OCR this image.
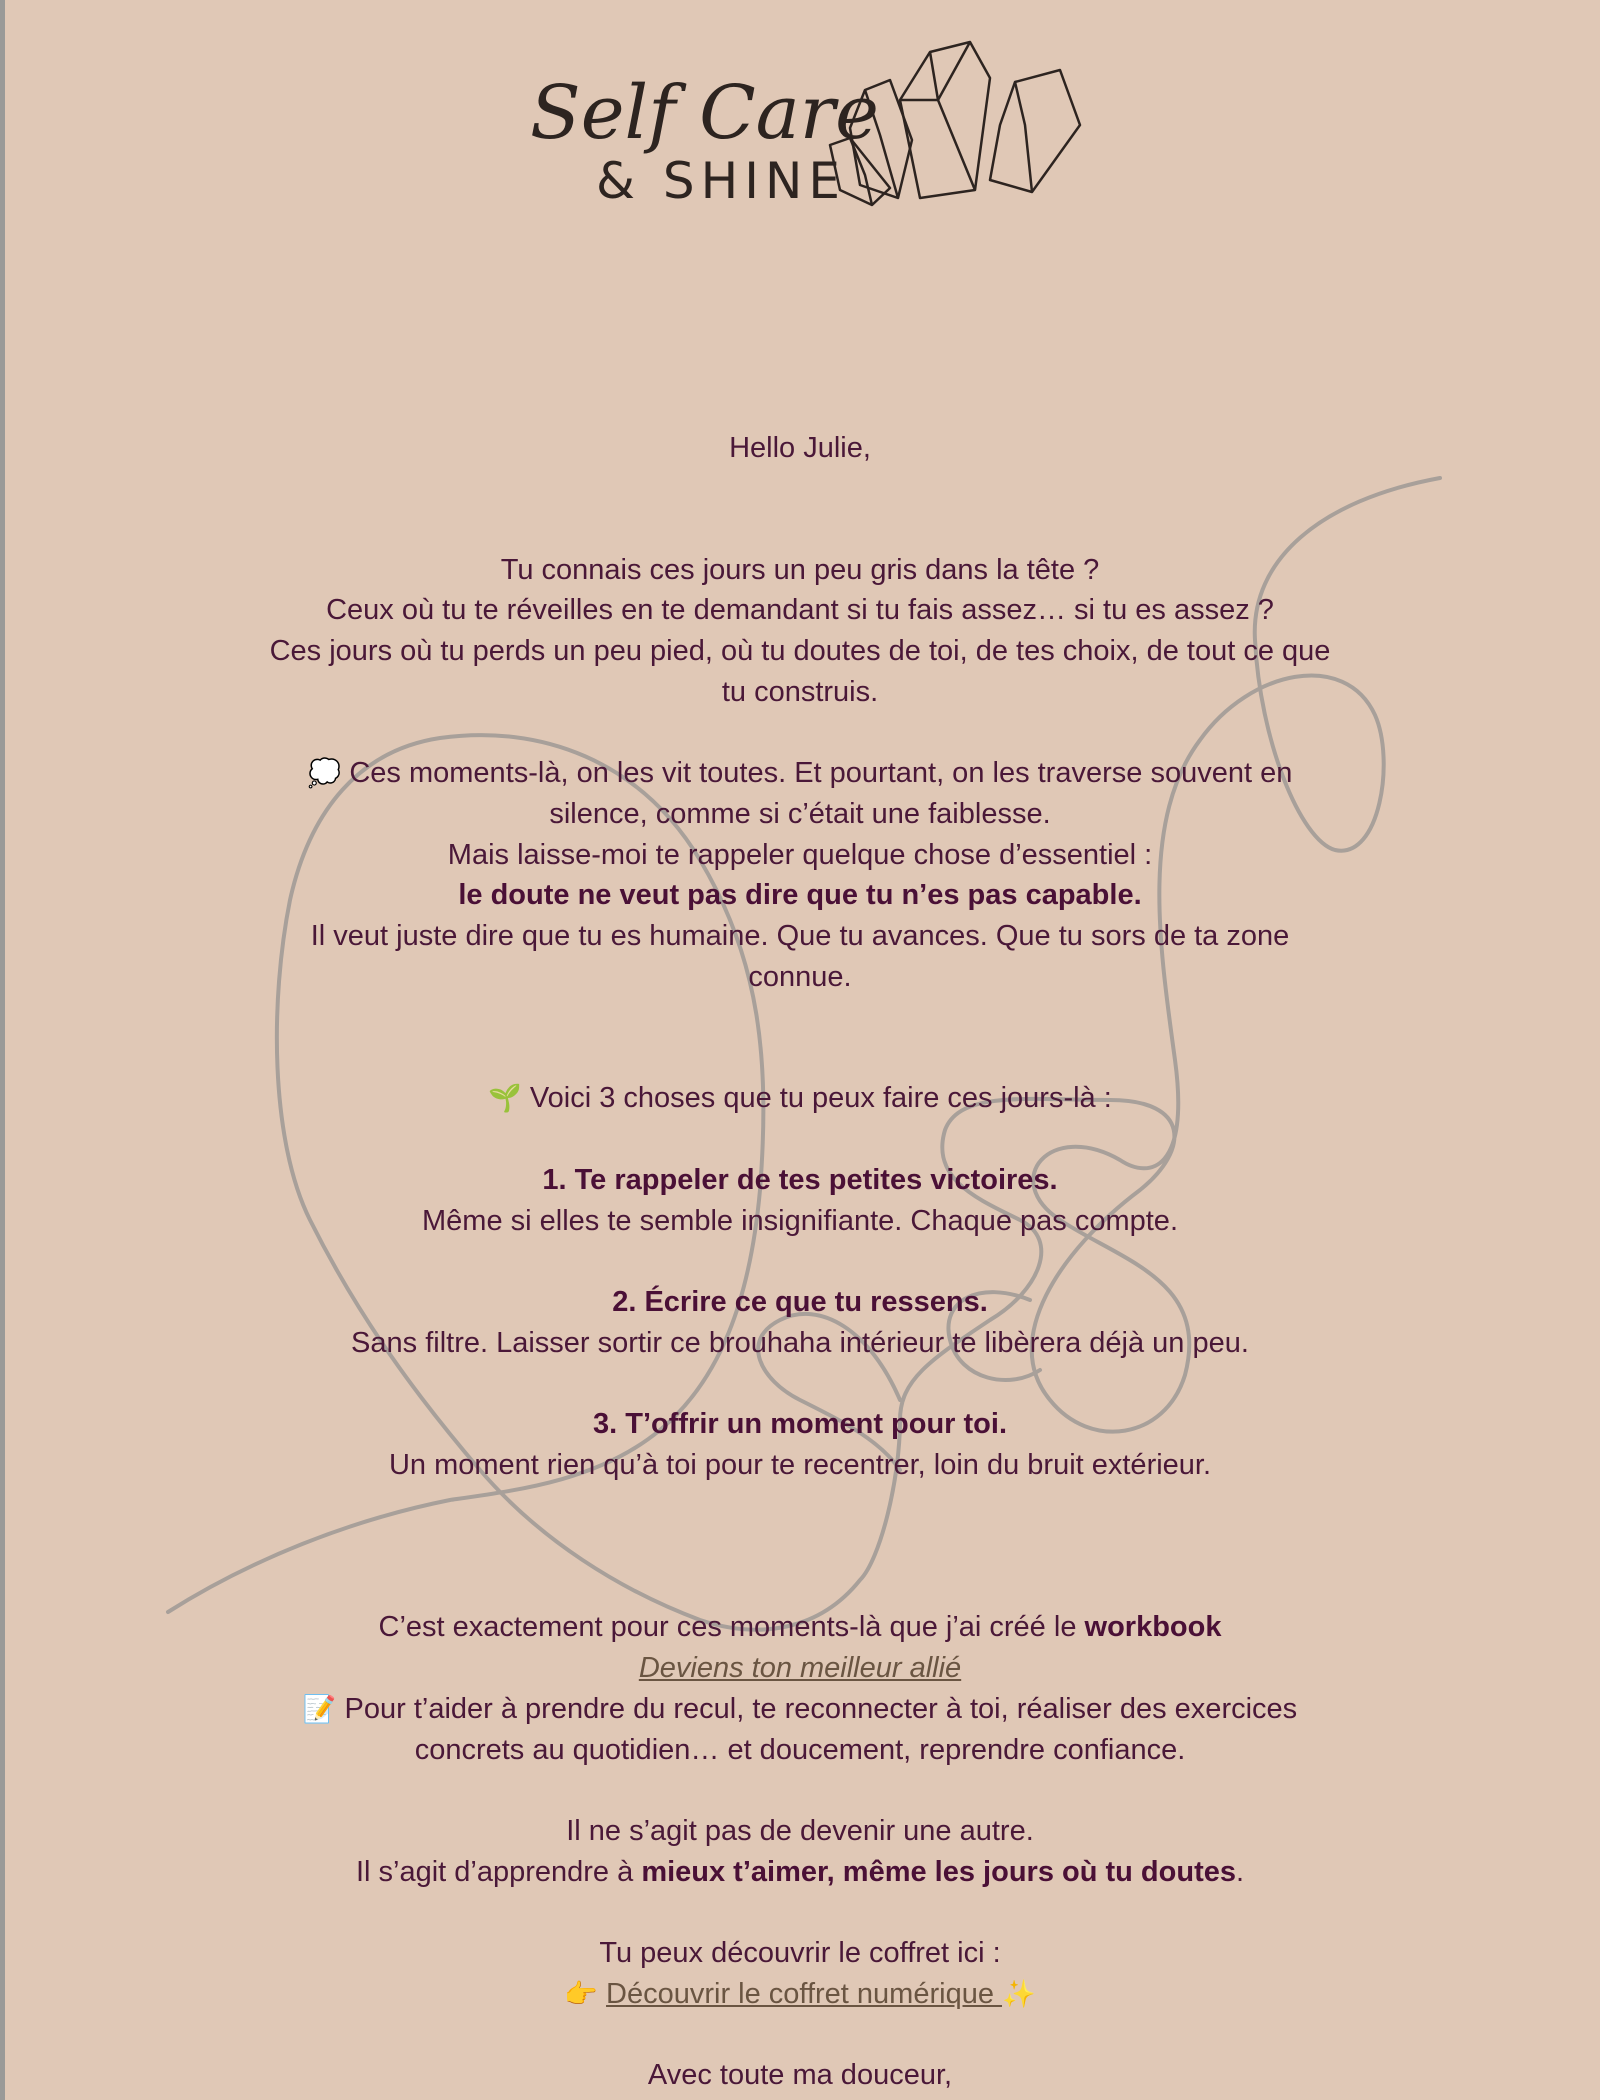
Self Care
& SHINE

Hello Julie,

Tu connais ces jours un peu gris dans la tête ?

Ceux où tu te réveilles en te demandant si tu fais assez… si tu es assez ?

Ces jours où tu perds un peu pied, où tu doutes de toi, de tes choix, de tout ce que tu construis.

💭 Ces moments-là, on les vit toutes. Et pourtant, on les traverse souvent en silence, comme si c’était une faiblesse.

Mais laisse-moi te rappeler quelque chose d’essentiel :

le doute ne veut pas dire que tu n’es pas capable.

Il veut juste dire que tu es humaine. Que tu avances. Que tu sors de ta zone connue.

🌱 Voici 3 choses que tu peux faire ces jours-là :

1. Te rappeler de tes petites victoires.

Même si elles te semble insignifiante. Chaque pas compte.

2. Écrire ce que tu ressens.

Sans filtre. Laisser sortir ce brouhaha intérieur te libèrera déjà un peu.

3. T’offrir un moment pour toi.

Un moment rien qu’à toi pour te recentrer, loin du bruit extérieur.

C’est exactement pour ces moments-là que j’ai créé le workbook

Deviens ton meilleur allié

📝 Pour t’aider à prendre du recul, te reconnecter à toi, réaliser des exercices concrets au quotidien… et doucement, reprendre confiance.

Il ne s’agit pas de devenir une autre.

Il s’agit d’apprendre à mieux t’aimer, même les jours où tu doutes.

Tu peux découvrir le coffret ici :

👉 Découvrir le coffret numérique ✨

Avec toute ma douceur,
